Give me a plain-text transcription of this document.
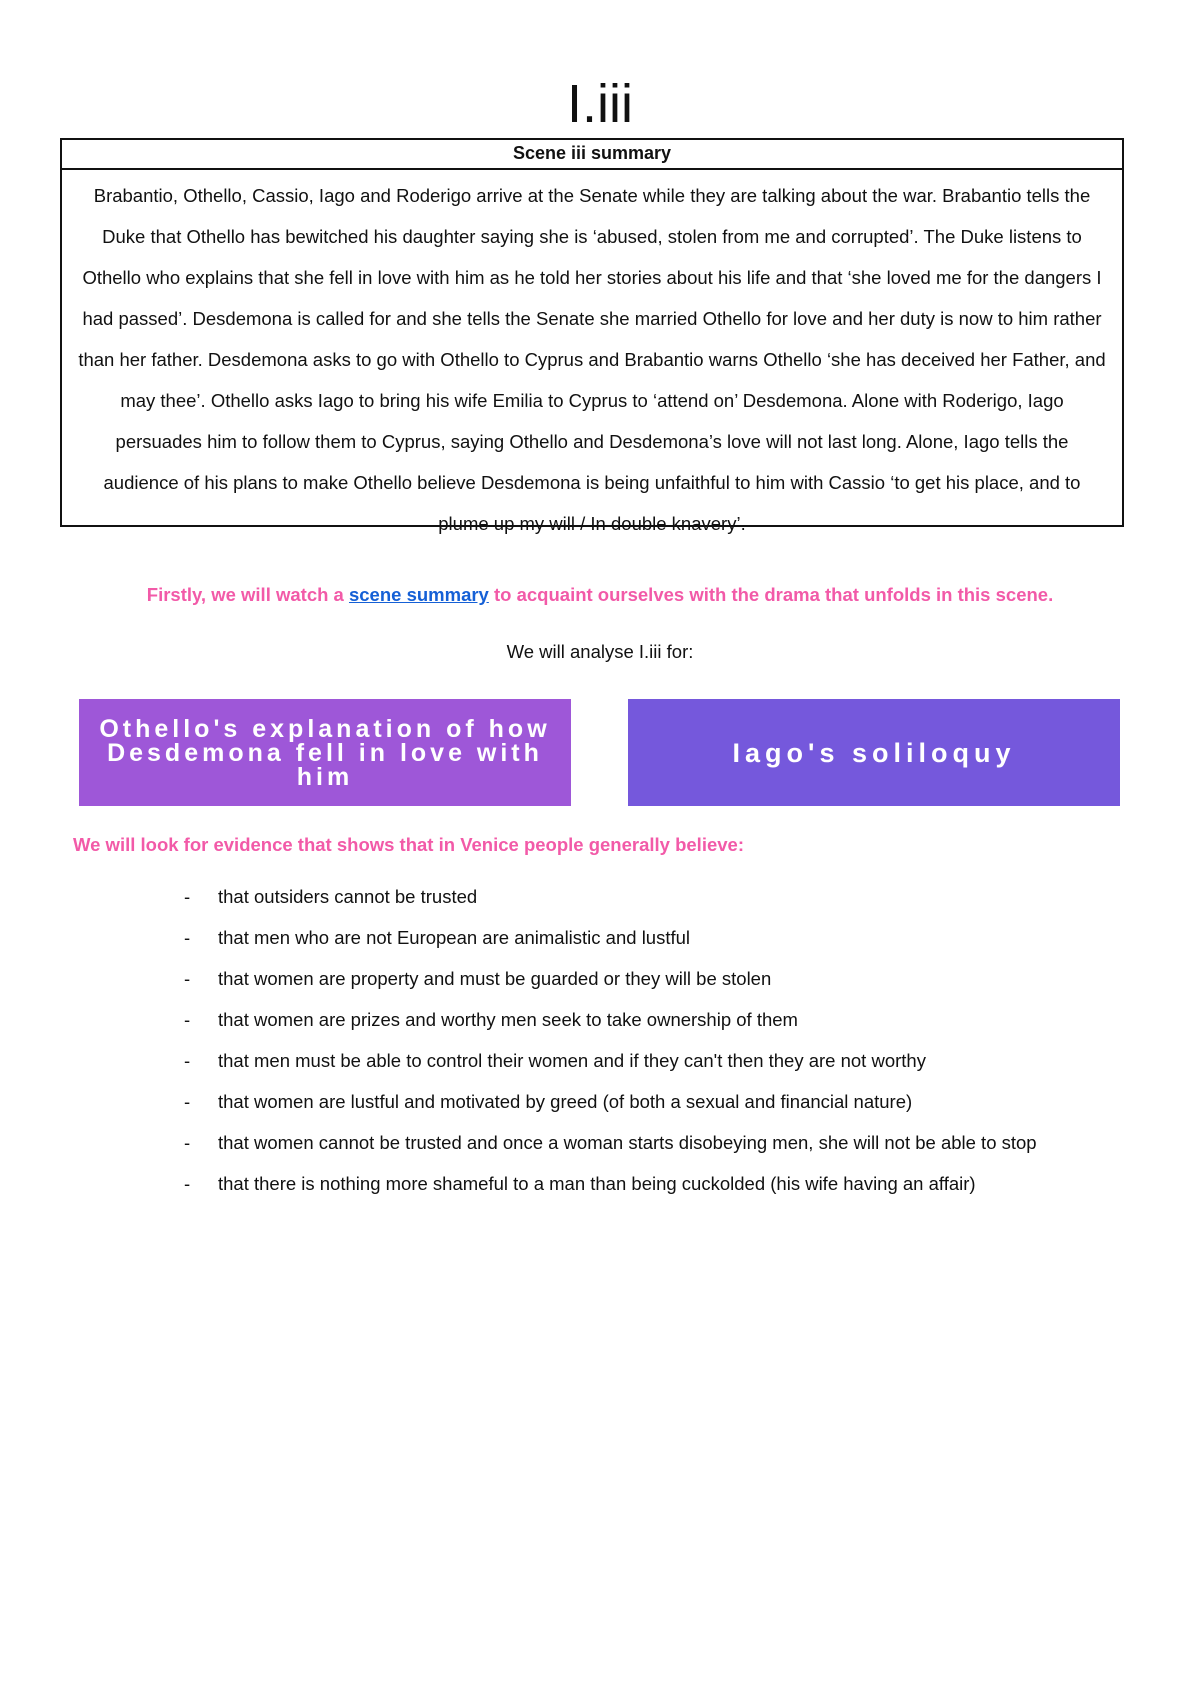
I.iii
Scene iii summary
Brabantio, Othello, Cassio, Iago and Roderigo arrive at the Senate while they are talking about the war. Brabantio tells the Duke that Othello has bewitched his daughter saying she is ‘abused, stolen from me and corrupted’. The Duke listens to Othello who explains that she fell in love with him as he told her stories about his life and that ‘she loved me for the dangers I had passed’. Desdemona is called for and she tells the Senate she married Othello for love and her duty is now to him rather than her father. Desdemona asks to go with Othello to Cyprus and Brabantio warns Othello ‘she has deceived her Father, and may thee’. Othello asks Iago to bring his wife Emilia to Cyprus to ‘attend on’ Desdemona. Alone with Roderigo, Iago persuades him to follow them to Cyprus, saying Othello and Desdemona’s love will not last long. Alone, Iago tells the audience of his plans to make Othello believe Desdemona is being unfaithful to him with Cassio ‘to get his place, and to plume up my will / In double knavery’.
Firstly, we will watch a scene summary to acquaint ourselves with the drama that unfolds in this scene.
We will analyse I.iii for:
Othello's explanation of how Desdemona fell in love with him
Iago's soliloquy
We will look for evidence that shows that in Venice people generally believe:
- that outsiders cannot be trusted
- that men who are not European are animalistic and lustful
- that women are property and must be guarded or they will be stolen
- that women are prizes and worthy men seek to take ownership of them
- that men must be able to control their women and if they can't then they are not worthy
- that women are lustful and motivated by greed (of both a sexual and financial nature)
- that women cannot be trusted and once a woman starts disobeying men, she will not be able to stop
- that there is nothing more shameful to a man than being cuckolded (his wife having an affair)
